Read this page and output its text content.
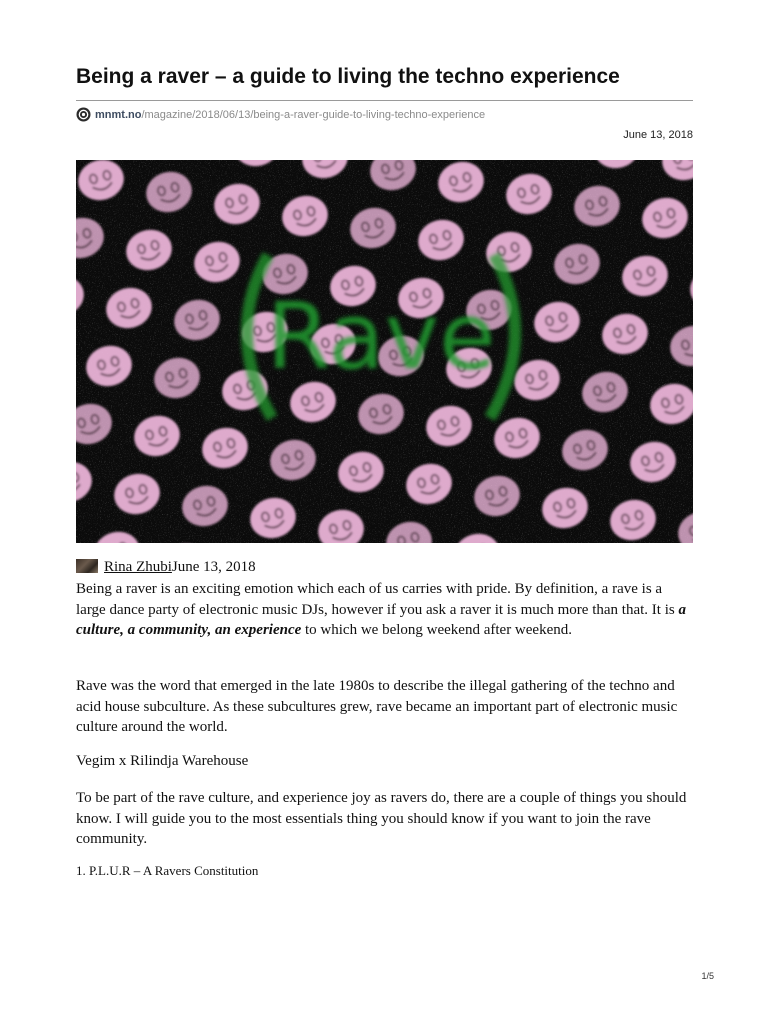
Being a raver – a guide to living the techno experience
mnmt.no/magazine/2018/06/13/being-a-raver-guide-to-living-techno-experience
June 13, 2018
Rave
Rina ZhubiJune 13, 2018

Being a raver is an exciting emotion which each of us carries with pride. By definition, a rave is a large dance party of electronic music DJs, however if you ask a raver it is much more than that. It is a culture, a community, an experience to which we belong weekend after weekend.

Rave was the word that emerged in the late 1980s to describe the illegal gathering of the techno and acid house subculture. As these subcultures grew, rave became an important part of electronic music culture around the world.

Vegim x Rilindja Warehouse

To be part of the rave culture, and experience joy as ravers do, there are a couple of things you should know. I will guide you to the most essentials thing you should know if you want to join the rave community.

1. P.L.U.R – A Ravers Constitution
1/5
